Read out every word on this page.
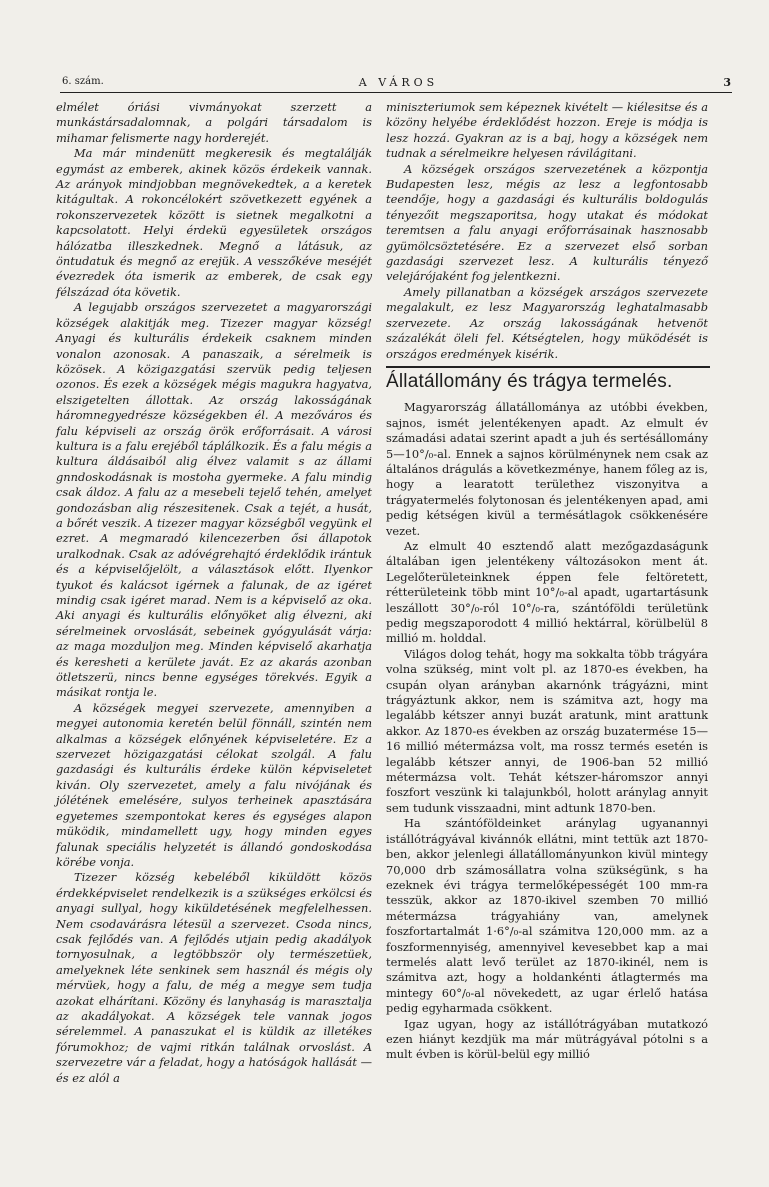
6. szám.	A VÁROS	3

elmélet óriási vivmányokat szerzett a munkástársadalomnak, a polgári társadalom is mihamar felismerte nagy horderejét.

Ma már mindenütt megkeresik és megtalálják egymást az emberek, akinek közös érdekeik vannak. Az arányok mindjobban megnövekedtek, a a keretek kitágultak. A rokoncélokért szövetkezett egyének a rokonszervezetek között is sietnek megalkotni a kapcsolatott. Helyi érdekü egyesületek országos hálózatba illeszkednek. Megnő a látásuk, az öntudatuk és megnő az erejük. A vesszőkéve meséjét évezredek óta ismerik az emberek, de csak egy félszázad óta követik.

A legujabb országos szervezetet a magyarországi községek alakitják meg. Tizezer magyar község! Anyagi és kulturális érdekeik csaknem minden vonalon azonosak. A panaszaik, a sérelmeik is közösek. A közigazgatási szervük pedig teljesen ozonos. És ezek a községek mégis magukra hagyatva, elszigetelten állottak. Az ország lakosságának háromnegyedrésze községekben él. A mezőváros és falu képviseli az ország örök erőforrásait. A városi kultura is a falu erejéből táplálkozik. És a falu mégis a kultura áldásaiból alig élvez valamit s az állami gnndoskodásnak is mostoha gyermeke. A falu mindig csak áldoz. A falu az a mesebeli tejelő tehén, amelyet gondozásban alig részesitenek. Csak a tejét, a husát, a bőrét veszik. A tizezer magyar községből vegyünk el ezret. A megmaradó kilencezerben ősi állapotok uralkodnak. Csak az adóvégrehajtó érdeklődik irántuk és a képviselőjelölt, a választások előtt. Ilyenkor tyukot és kalácsot igérnek a falunak, de az igéret mindig csak igéret marad. Nem is a képviselő az oka. Aki anyagi és kulturális előnyöket alig élvezni, aki sérelmeinek orvoslását, sebeinek gyógyulását várja: az maga mozduljon meg. Minden képviselő akarhatja és keresheti a kerülete javát. Ez az akarás azonban ötletszerü, nincs benne egységes törekvés. Egyik a másikat rontja le.

A községek megyei szervezete, amennyiben a megyei autonomia keretén belül fönnáll, szintén nem alkalmas a községek előnyének képviseletére. Ez a szervezet hözigazgatási célokat szolgál. A falu gazdasági és kulturális érdeke külön képviseletet kiván. Oly szervezetet, amely a falu nivójának és jólétének emelésére, sulyos terheinek apasztására egyetemes szempontokat keres és egységes alapon müködik, mindamellett ugy, hogy minden egyes falunak speciális helyzetét is állandó gondoskodása körébe vonja.

Tizezer község kebeléből kiküldött közös érdekképviselet rendelkezik is a szükséges erkölcsi és anyagi sullyal, hogy kiküldetésének megfelelhessen. Nem csodavárásra létesül a szervezet. Csoda nincs, csak fejlődés van. A fejlődés utjain pedig akadályok tornyosulnak, a legtöbbször oly természetüek, amelyeknek léte senkinek sem használ és mégis oly mérvüek, hogy a falu, de még a megye sem tudja azokat elhárítani. Közöny és lanyhaság is marasztalja az akadályokat. A községek tele vannak jogos sérelemmel. A panaszukat el is küldik az illetékes fórumokhoz; de vajmi ritkán találnak orvoslást. A szervezetre vár a feladat, hogy a hatóságok hallását — és ez alól a

miniszteriumok sem képeznek kivételt — kiélesitse és a közöny helyébe érdeklődést hozzon. Ereje is módja is lesz hozzá. Gyakran az is a baj, hogy a községek nem tudnak a sérelmeikre helyesen rávilágitani.

A községek országos szervezetének a központja Budapesten lesz, mégis az lesz a legfontosabb teendője, hogy a gazdasági és kulturális boldogulás tényezőit megszaporitsa, hogy utakat és módokat teremtsen a falu anyagi erőforrásainak hasznosabb gyümölcsöztetésére. Ez a szervezet első sorban gazdasági szervezet lesz. A kulturális tényező velejárójaként fog jelentkezni.

Amely pillanatban a községek arszágos szervezete megalakult, ez lesz Magyarország leghatalmasabb szervezete. Az ország lakosságának hetvenöt százalékát öleli fel. Kétségtelen, hogy müködését is országos eredmények kisérik.

Állatállomány és trágya termelés.

Magyarország állatállománya az utóbbi években, sajnos, ismét jelentékenyen apadt. Az elmult év számadási adatai szerint apadt a juh és sertésállomány 5—10°/₀-al. Ennek a sajnos körülménynek nem csak az általános drágulás a következménye, hanem főleg az is, hogy a learatott területhez viszonyitva a trágyatermelés folytonosan és jelentékenyen apad, ami pedig kétségen kivül a termésátlagok csökkenésére vezet.

Az elmult 40 esztendő alatt mezőgazdaságunk általában igen jelentékeny változásokon ment át. Legelőterületeinknek éppen fele feltöretett, rétterületeink több mint 10°/₀-al apadt, ugartartásunk leszállott 30°/₀-ról 10°/₀-ra, szántóföldi területünk pedig megszaporodott 4 millió hektárral, körülbelül 8 millió m. holddal.

Világos dolog tehát, hogy ma sokkalta több trágyára volna szükség, mint volt pl. az 1870-es években, ha csupán olyan arányban akarnónk trágyázni, mint trágyáztunk akkor, nem is számitva azt, hogy ma legalább kétszer annyi buzát aratunk, mint arattunk akkor. Az 1870-es években az ország buzatermése 15—16 millió métermázsa volt, ma rossz termés esetén is legalább kétszer annyi, de 1906-ban 52 millió métermázsa volt. Tehát kétszer-háromszor annyi foszfort veszünk ki talajunkból, holott aránylag annyit sem tudunk visszaadni, mint adtunk 1870-ben.

Ha szántóföldeinket aránylag ugyanannyi istállótrágyával kivánnók ellátni, mint tettük azt 1870-ben, akkor jelenlegi állatállományunkon kivül mintegy 70,000 drb számosállatra volna szükségünk, s ha ezeknek évi trágya termelőképességét 100 mm-ra tesszük, akkor az 1870-ikivel szemben 70 millió métermázsa trágyahiány van, amelynek foszfortartalmát 1·6°/₀-al számitva 120,000 mm. az a foszformennyiség, amennyivel kevesebbet kap a mai termelés alatt levő terület az 1870-ikinél, nem is számitva azt, hogy a holdankénti átlagtermés ma mintegy 60°/₀-al növekedett, az ugar érlelő hatása pedig egyharmada csökkent.

Igaz ugyan, hogy az istállótrágyában mutatkozó ezen hiányt kezdjük ma már mütrágyával pótolni s a mult évben is körül-belül egy millió
